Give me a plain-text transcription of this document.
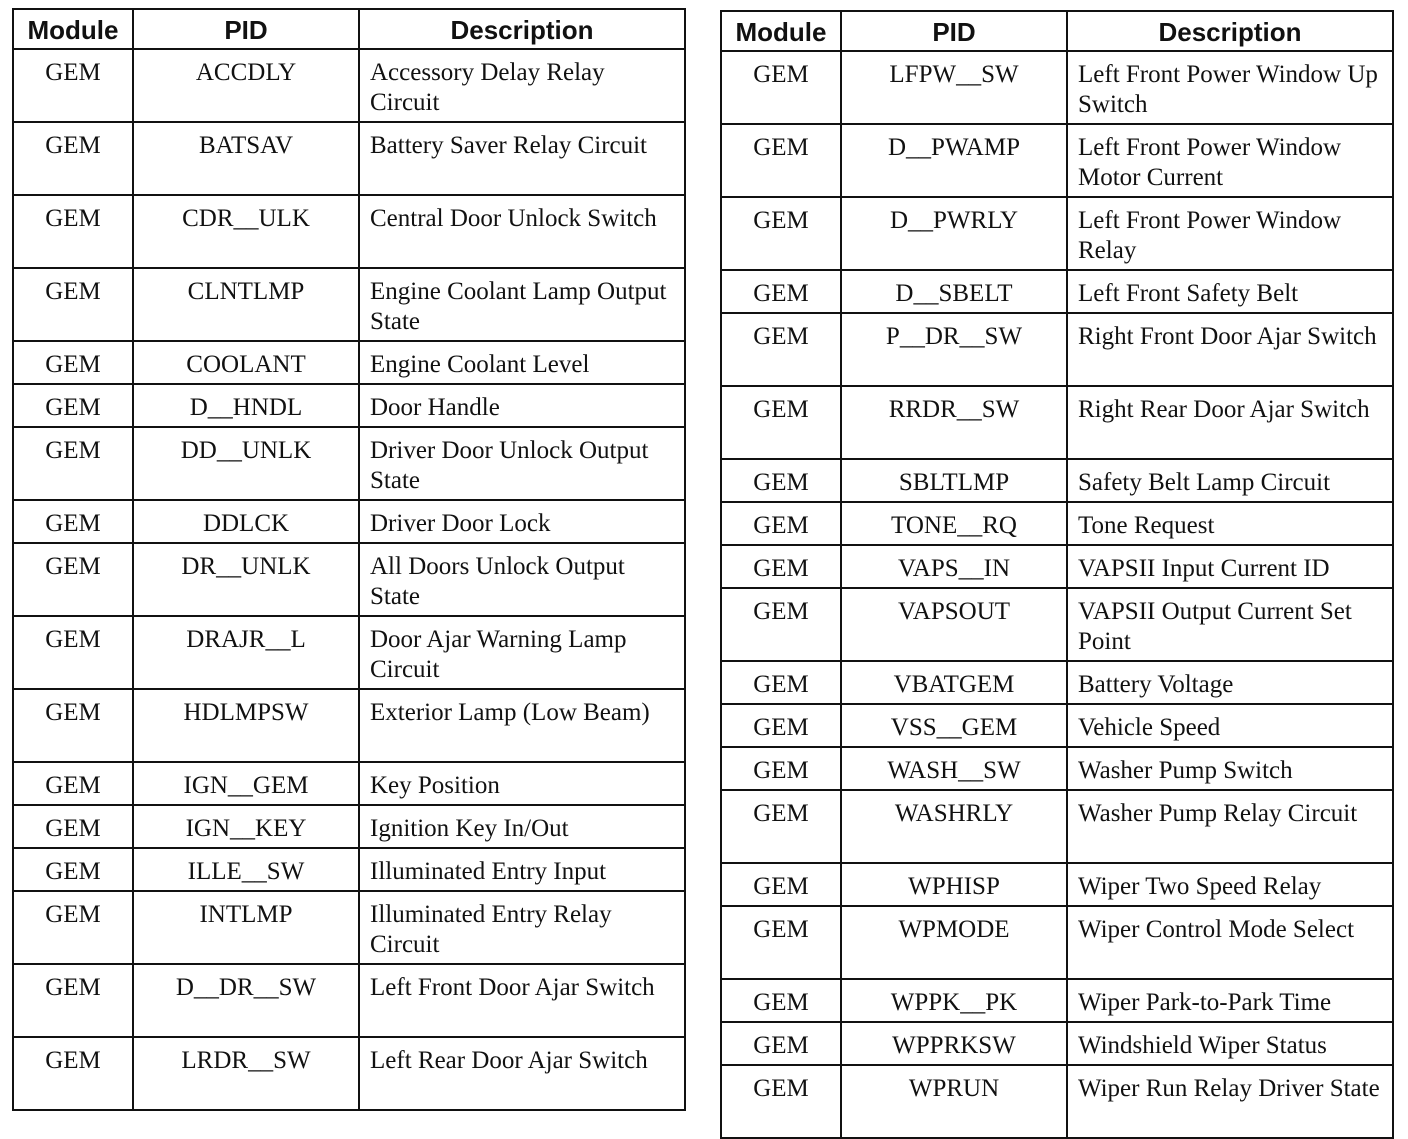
Module	PID	Description
GEM	ACCDLY	Accessory Delay Relay Circuit
GEM	BATSAV	Battery Saver Relay Circuit
GEM	CDR__ULK	Central Door Unlock Switch
GEM	CLNTLMP	Engine Coolant Lamp Output State
GEM	COOLANT	Engine Coolant Level
GEM	D__HNDL	Door Handle
GEM	DD__UNLK	Driver Door Unlock Output State
GEM	DDLCK	Driver Door Lock
GEM	DR__UNLK	All Doors Unlock Output State
GEM	DRAJR__L	Door Ajar Warning Lamp Circuit
GEM	HDLMPSW	Exterior Lamp (Low Beam)
GEM	IGN__GEM	Key Position
GEM	IGN__KEY	Ignition Key In/Out
GEM	ILLE__SW	Illuminated Entry Input
GEM	INTLMP	Illuminated Entry Relay Circuit
GEM	D__DR__SW	Left Front Door Ajar Switch
GEM	LRDR__SW	Left Rear Door Ajar Switch
Module	PID	Description
GEM	LFPW__SW	Left Front Power Window Up Switch
GEM	D__PWAMP	Left Front Power Window Motor Current
GEM	D__PWRLY	Left Front Power Window Relay
GEM	D__SBELT	Left Front Safety Belt
GEM	P__DR__SW	Right Front Door Ajar Switch
GEM	RRDR__SW	Right Rear Door Ajar Switch
GEM	SBLTLMP	Safety Belt Lamp Circuit
GEM	TONE__RQ	Tone Request
GEM	VAPS__IN	VAPSII Input Current ID
GEM	VAPSOUT	VAPSII Output Current Set Point
GEM	VBATGEM	Battery Voltage
GEM	VSS__GEM	Vehicle Speed
GEM	WASH__SW	Washer Pump Switch
GEM	WASHRLY	Washer Pump Relay Circuit
GEM	WPHISP	Wiper Two Speed Relay
GEM	WPMODE	Wiper Control Mode Select
GEM	WPPK__PK	Wiper Park-to-Park Time
GEM	WPPRKSW	Windshield Wiper Status
GEM	WPRUN	Wiper Run Relay Driver State
